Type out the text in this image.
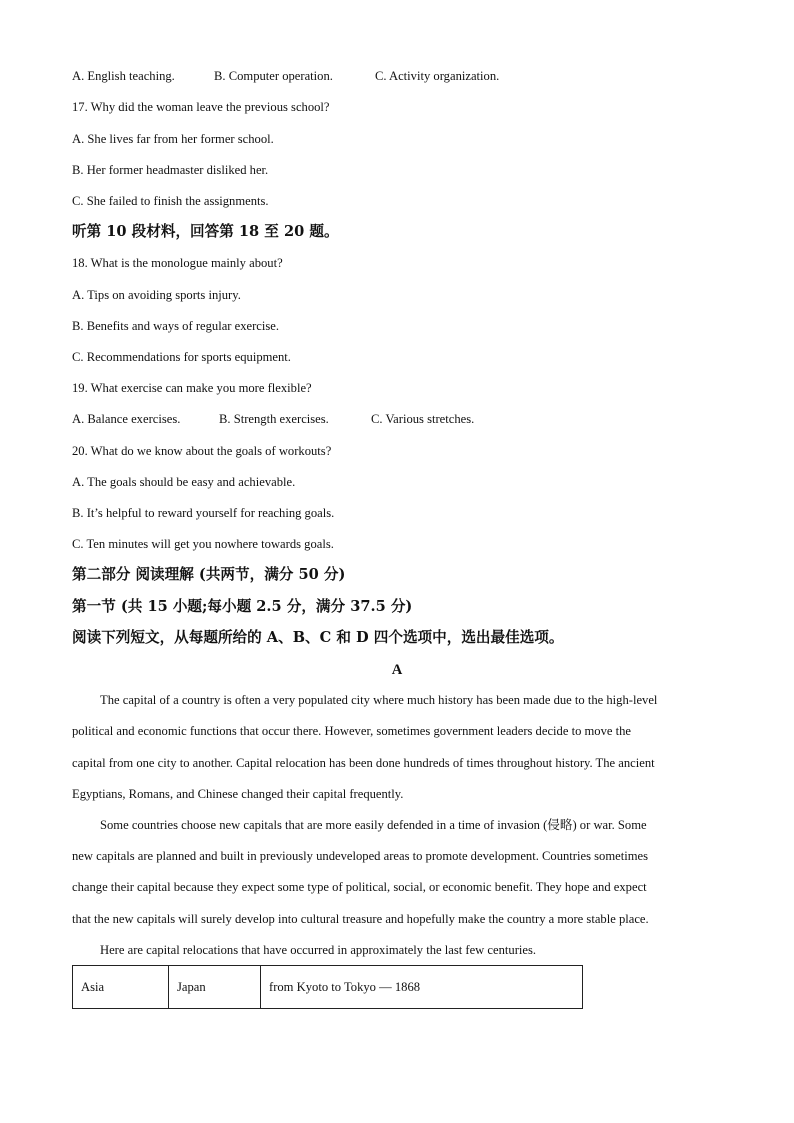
A. English teaching.	B. Computer operation.	C. Activity organization.
17. Why did the woman leave the previous school?
A. She lives far from her former school.
B. Her former headmaster disliked her.
C. She failed to finish the assignments.
听第 10 段材料，回答第 18 至 20 题。
18. What is the monologue mainly about?
A. Tips on avoiding sports injury.
B. Benefits and ways of regular exercise.
C. Recommendations for sports equipment.
19. What exercise can make you more flexible?
A. Balance exercises.	B. Strength exercises.	C. Various stretches.
20. What do we know about the goals of workouts?
A. The goals should be easy and achievable.
B. It’s helpful to reward yourself for reaching goals.
C. Ten minutes will get you nowhere towards goals.
第二部分 阅读理解 (共两节，满分 50 分)
第一节 (共 15 小题;每小题 2.5 分，满分 37.5 分)
阅读下列短文，从每题所给的 A、B、C 和 D 四个选项中，选出最佳选项。
A
The capital of a country is often a very populated city where much history has been made due to the high-level
political and economic functions that occur there. However, sometimes government leaders decide to move the
capital from one city to another. Capital relocation has been done hundreds of times throughout history. The ancient
Egyptians, Romans, and Chinese changed their capital frequently.
Some countries choose new capitals that are more easily defended in a time of invasion (侵略) or war. Some
new capitals are planned and built in previously undeveloped areas to promote development. Countries sometimes
change their capital because they expect some type of political, social, or economic benefit. They hope and expect
that the new capitals will surely develop into cultural treasure and hopefully make the country a more stable place.
Here are capital relocations that have occurred in approximately the last few centuries.
Asia	Japan	from Kyoto to Tokyo — 1868
